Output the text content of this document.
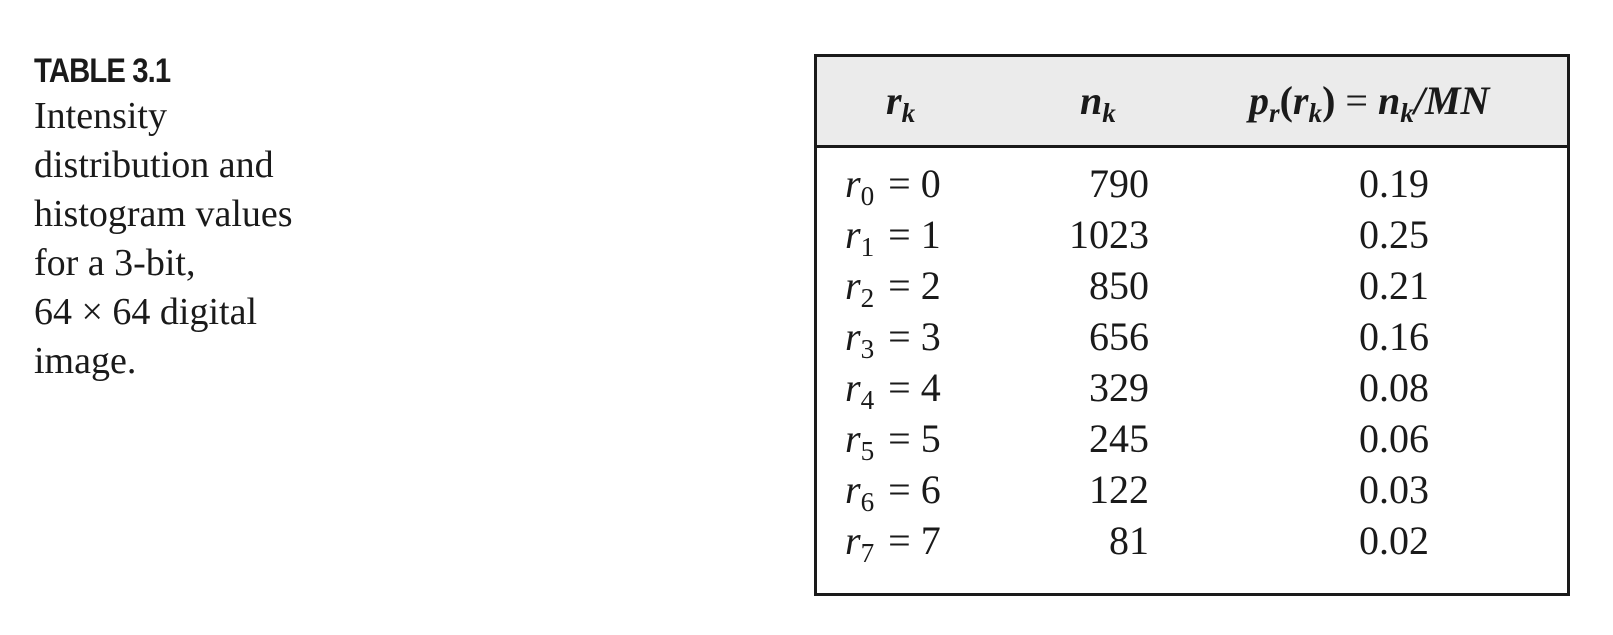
TABLE 3.1
Intensity
distribution and
histogram values
for a 3-bit,
64 × 64 digital
image.
$r_k$	$n_k$	$p_r(r_k) = n_k/MN$
$r_0 = 0$	790	0.19
$r_1 = 1$	1023	0.25
$r_2 = 2$	850	0.21
$r_3 = 3$	656	0.16
$r_4 = 4$	329	0.08
$r_5 = 5$	245	0.06
$r_6 = 6$	122	0.03
$r_7 = 7$	81	0.02
